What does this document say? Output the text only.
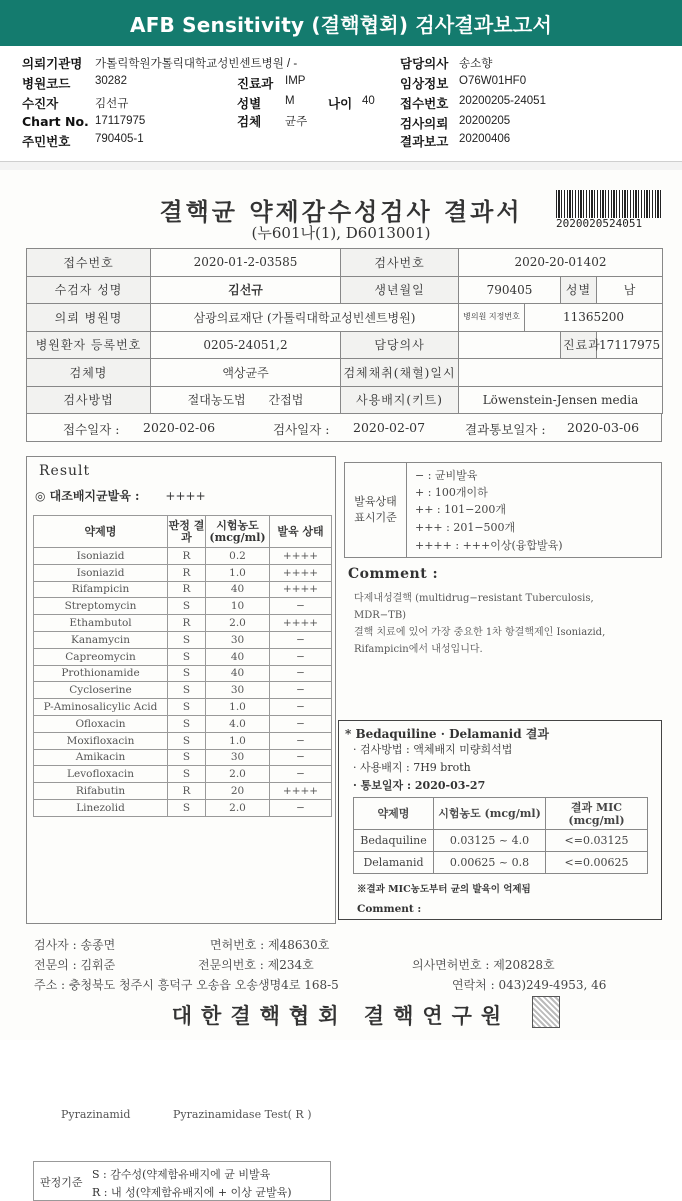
AFB Sensitivity (결핵협회) 검사결과보고서
의뢰기관명 가톨릭학원가톨릭대학교성빈센트병원 / -
병원코드 30282
수진자	김선규
Chart No. 17117975
주민번호 790405-1
진료과 IMP
성별 M	나이 40
검체 균주
담당의사 송소향
임상정보 O76W01HF0
접수번호 20200205-24051
검사의뢰 20200205
결과보고 20200406
결핵균 약제감수성검사 결과서
(누601나(1), D6013001)
2020020524051
접수번호	2020-01-2-03585	검사번호	2020-20-01402			
수검자 성명	김선규	생년월일	790405		성별	남
의뢰 병원명	삼광의료재단 (가톨릭대학교성빈센트병원)		병의원 지정번호	11365200		
병원환자 등록번호	0205-24051,2	담당의사			진료과	17117975
검체명	액상균주	검체채취(채혈)일시				
검사방법	절대농도법 간접법	사용배지(키트)	Löwenstein-Jensen media			
접수일자 : 2020-02-06	검사일자 : 2020-02-07	결과통보일자 : 2020-03-06
Result
◎ 대조배지균발육 : ++++
약제명	판정 결과	시험농도 (mcg/ml)	발육 상태
Isoniazid	R	0.2	++++
Isoniazid	R	1.0	++++
Rifampicin	R	40	++++
Streptomycin	S	10	−
Ethambutol	R	2.0	++++
Kanamycin	S	30	−
Capreomycin	S	40	−
Prothionamide	S	40	−
Cycloserine	S	30	−
P-Aminosalicylic Acid	S	1.0	−
Ofloxacin	S	4.0	−
Moxifloxacin	S	1.0	−
Amikacin	S	30	−
Levofloxacin	S	2.0	−
Rifabutin	R	20	++++
Linezolid	S	2.0	−
Pyrazinamid	Pyrazinamidase Test( R )
판정기준
S : 감수성(약제함유배지에 균 비발육
R : 내 성(약제함유배지에 + 이상 균발육)
발육상태
표시기준
− : 균비발육
+ : 100개이하
++ : 101−200개
+++ : 201−500개
++++ : +++이상(융합발육)
Comment :
다제내성결핵 (multidrug−resistant Tuberculosis,
MDR−TB)
결핵 치료에 있어 가장 중요한 1차 항결핵제인 Isoniazid,
Rifampicin에서 내성입니다.
* Bedaquiline · Delamanid 결과
· 검사방법 : 액체배지 미량희석법
· 사용배지 : 7H9 broth
· 통보일자 : 2020-03-27
약제명	시험농도 (mcg/ml)	결과 MIC (mcg/ml)
Bedaquiline	0.03125 ~ 4.0	<=0.03125
Delamanid	0.00625 ~ 0.8	<=0.00625
※결과 MIC농도부터 균의 발육이 억제됨
Comment :
검사자 : 송종면	면허번호 : 제48630호
전문의 : 김휘준	전문의번호 : 제234호	의사면허번호 : 제20828호
주소 : 충청북도 청주시 흥덕구 오송읍 오송생명4로 168-5	연락처 : 043)249-4953, 46
대한결핵협회 결핵연구원
